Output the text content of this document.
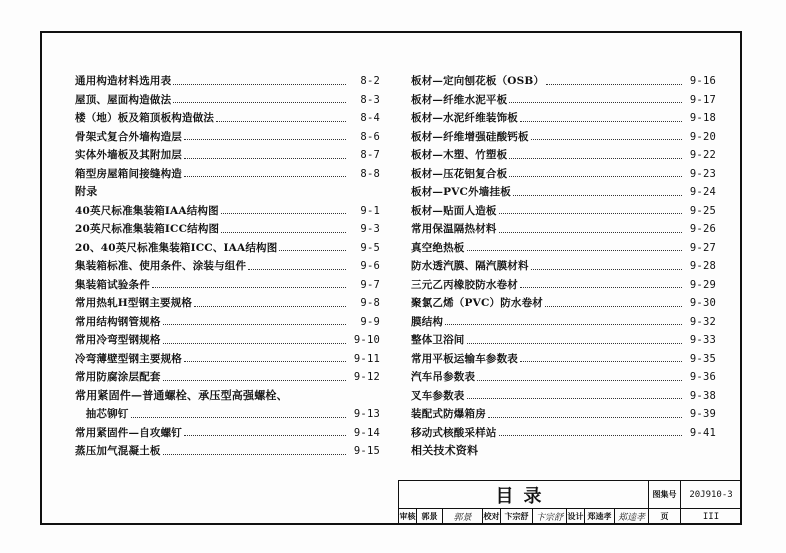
通用构造材料选用表	8-2
屋顶、屋面构造做法	8-3
楼（地）板及箱顶板构造做法	8-4
骨架式复合外墙构造层	8-6
实体外墙板及其附加层	8-7
箱型房屋箱间接缝构造	8-8
附录
40英尺标准集装箱IAA结构图	9-1
20英尺标准集装箱ICC结构图	9-3
20、40英尺标准集装箱ICC、IAA结构图	9-5
集装箱标准、使用条件、涂装与组件	9-6
集装箱试验条件	9-7
常用热轧H型钢主要规格	9-8
常用结构钢管规格	9-9
常用冷弯型钢规格	9-10
冷弯薄壁型钢主要规格	9-11
常用防腐涂层配套	9-12
常用紧固件—普通螺栓、承压型高强螺栓、
　抽芯铆钉	9-13
常用紧固件—自攻螺钉	9-14
蒸压加气混凝土板	9-15
板材—定向刨花板（OSB）	9-16
板材—纤维水泥平板	9-17
板材—水泥纤维装饰板	9-18
板材—纤维增强硅酸钙板	9-20
板材—木塑、竹塑板	9-22
板材—压花铝复合板	9-23
板材—PVC外墙挂板	9-24
板材—贴面人造板	9-25
常用保温隔热材料	9-26
真空绝热板	9-27
防水透汽膜、隔汽膜材料	9-28
三元乙丙橡胶防水卷材	9-29
聚氯乙烯（PVC）防水卷材	9-30
膜结构	9-32
整体卫浴间	9-33
常用平板运输车参数表	9-35
汽车吊参数表	9-36
叉车参数表	9-38
装配式防爆箱房	9-39
移动式核酸采样站	9-41
相关技术资料
目录	图集号 20J910-3
审核 郭景 郭景 校对 卞宗舒 卞宗舒 设计 郑逵孝 郑逵孝 页	III
